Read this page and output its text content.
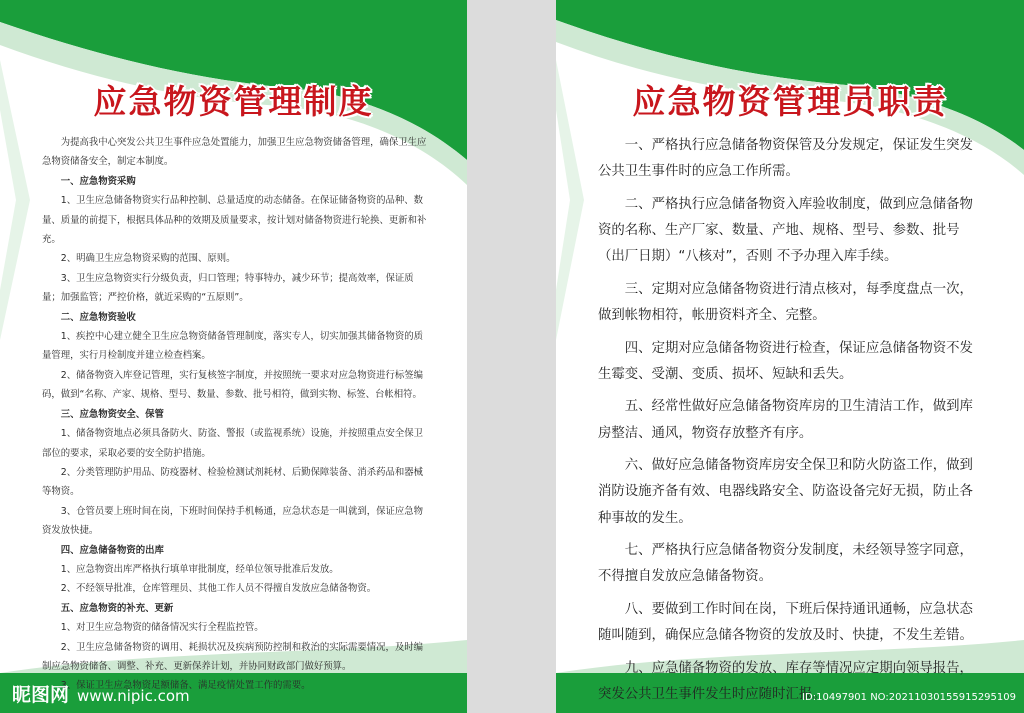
应急物资管理制度

为提高我中心突发公共卫生事件应急处置能力，加强卫生应急物资储备管理，确保卫生应急物资储备安全，制定本制度。

一、应急物资采购

1、卫生应急储备物资实行品种控制、总量适度的动态储备。在保证储备物资的品种、数量、质量的前提下，根据具体品种的效期及质量要求，按计划对储备物资进行轮换、更新和补充。

2、明确卫生应急物资采购的范围、原则。

3、卫生应急物资实行分级负责，归口管理；特事特办，减少环节；提高效率，保证质量；加强监管；严控价格，就近采购的“五原则”。

二、应急物资验收

1、疾控中心建立健全卫生应急物资储备管理制度，落实专人，切实加强其储备物资的质量管理，实行月检制度并建立检查档案。

2、储备物资入库登记管理，实行复核签字制度，并按照统一要求对应急物资进行标签编码，做到“名称、产家、规格、型号、数量、参数、批号相符，做到实物、标签、台帐相符。

三、应急物资安全、保管

1、储备物资地点必须具备防火、防盗、警报（或监视系统）设施，并按照重点安全保卫部位的要求，采取必要的安全防护措施。

2、分类管理防护用品、防疫器材、检验检测试剂耗材、后勤保障装备、消杀药品和器械等物资。

3、仓管员要上班时间在岗，下班时间保持手机畅通，应急状态是一叫就到，保证应急物资发放快捷。

四、应急储备物资的出库

1、应急物资出库严格执行填单审批制度，经单位领导批准后发放。

2、不经领导批准，仓库管理员、其他工作人员不得擅自发放应急储备物资。

五、应急物资的补充、更新

1、对卫生应急物资的储备情况实行全程监控管。

2、卫生应急储备物资的调用、耗损状况及疾病预防控制和救治的实际需要情况，及时编制应急物资储备、调整、补充、更新保养计划，并协同财政部门做好预算。

3、保证卫生应急物资足额储备、满足疫情处置工作的需要。

昵图网 www.nipic.com
应急物资管理员职责

一、严格执行应急储备物资保管及分发规定，保证发生突发公共卫生事件时的应急工作所需。

二、严格执行应急储备物资入库验收制度，做到应急储备物资的名称、生产厂家、数量、产地、规格、型号、参数、批号（出厂日期）“八核对”，否则 不予办理入库手续。

三、定期对应急储备物资进行清点核对，每季度盘点一次，做到帐物相符，帐册资料齐全、完整。

四、定期对应急储备物资进行检查，保证应急储备物资不发生霉变、受潮、变质、损坏、短缺和丢失。

五、经常性做好应急储备物资库房的卫生清洁工作，做到库房整洁、通风，物资存放整齐有序。

六、做好应急储备物资库房安全保卫和防火防盗工作，做到消防设施齐备有效、电器线路安全、防盗设备完好无损，防止各种事故的发生。

七、严格执行应急储备物资分发制度，未经领导签字同意，不得擅自发放应急储备物资。

八、要做到工作时间在岗，下班后保持通讯通畅，应急状态随叫随到，确保应急储各物资的发放及时、快捷，不发生差错。

九、应急储备物资的发放、库存等情况应定期向领导报告，突发公共卫生事件发生时应随时汇报。

ID:10497901 NO:20211030155915295109
